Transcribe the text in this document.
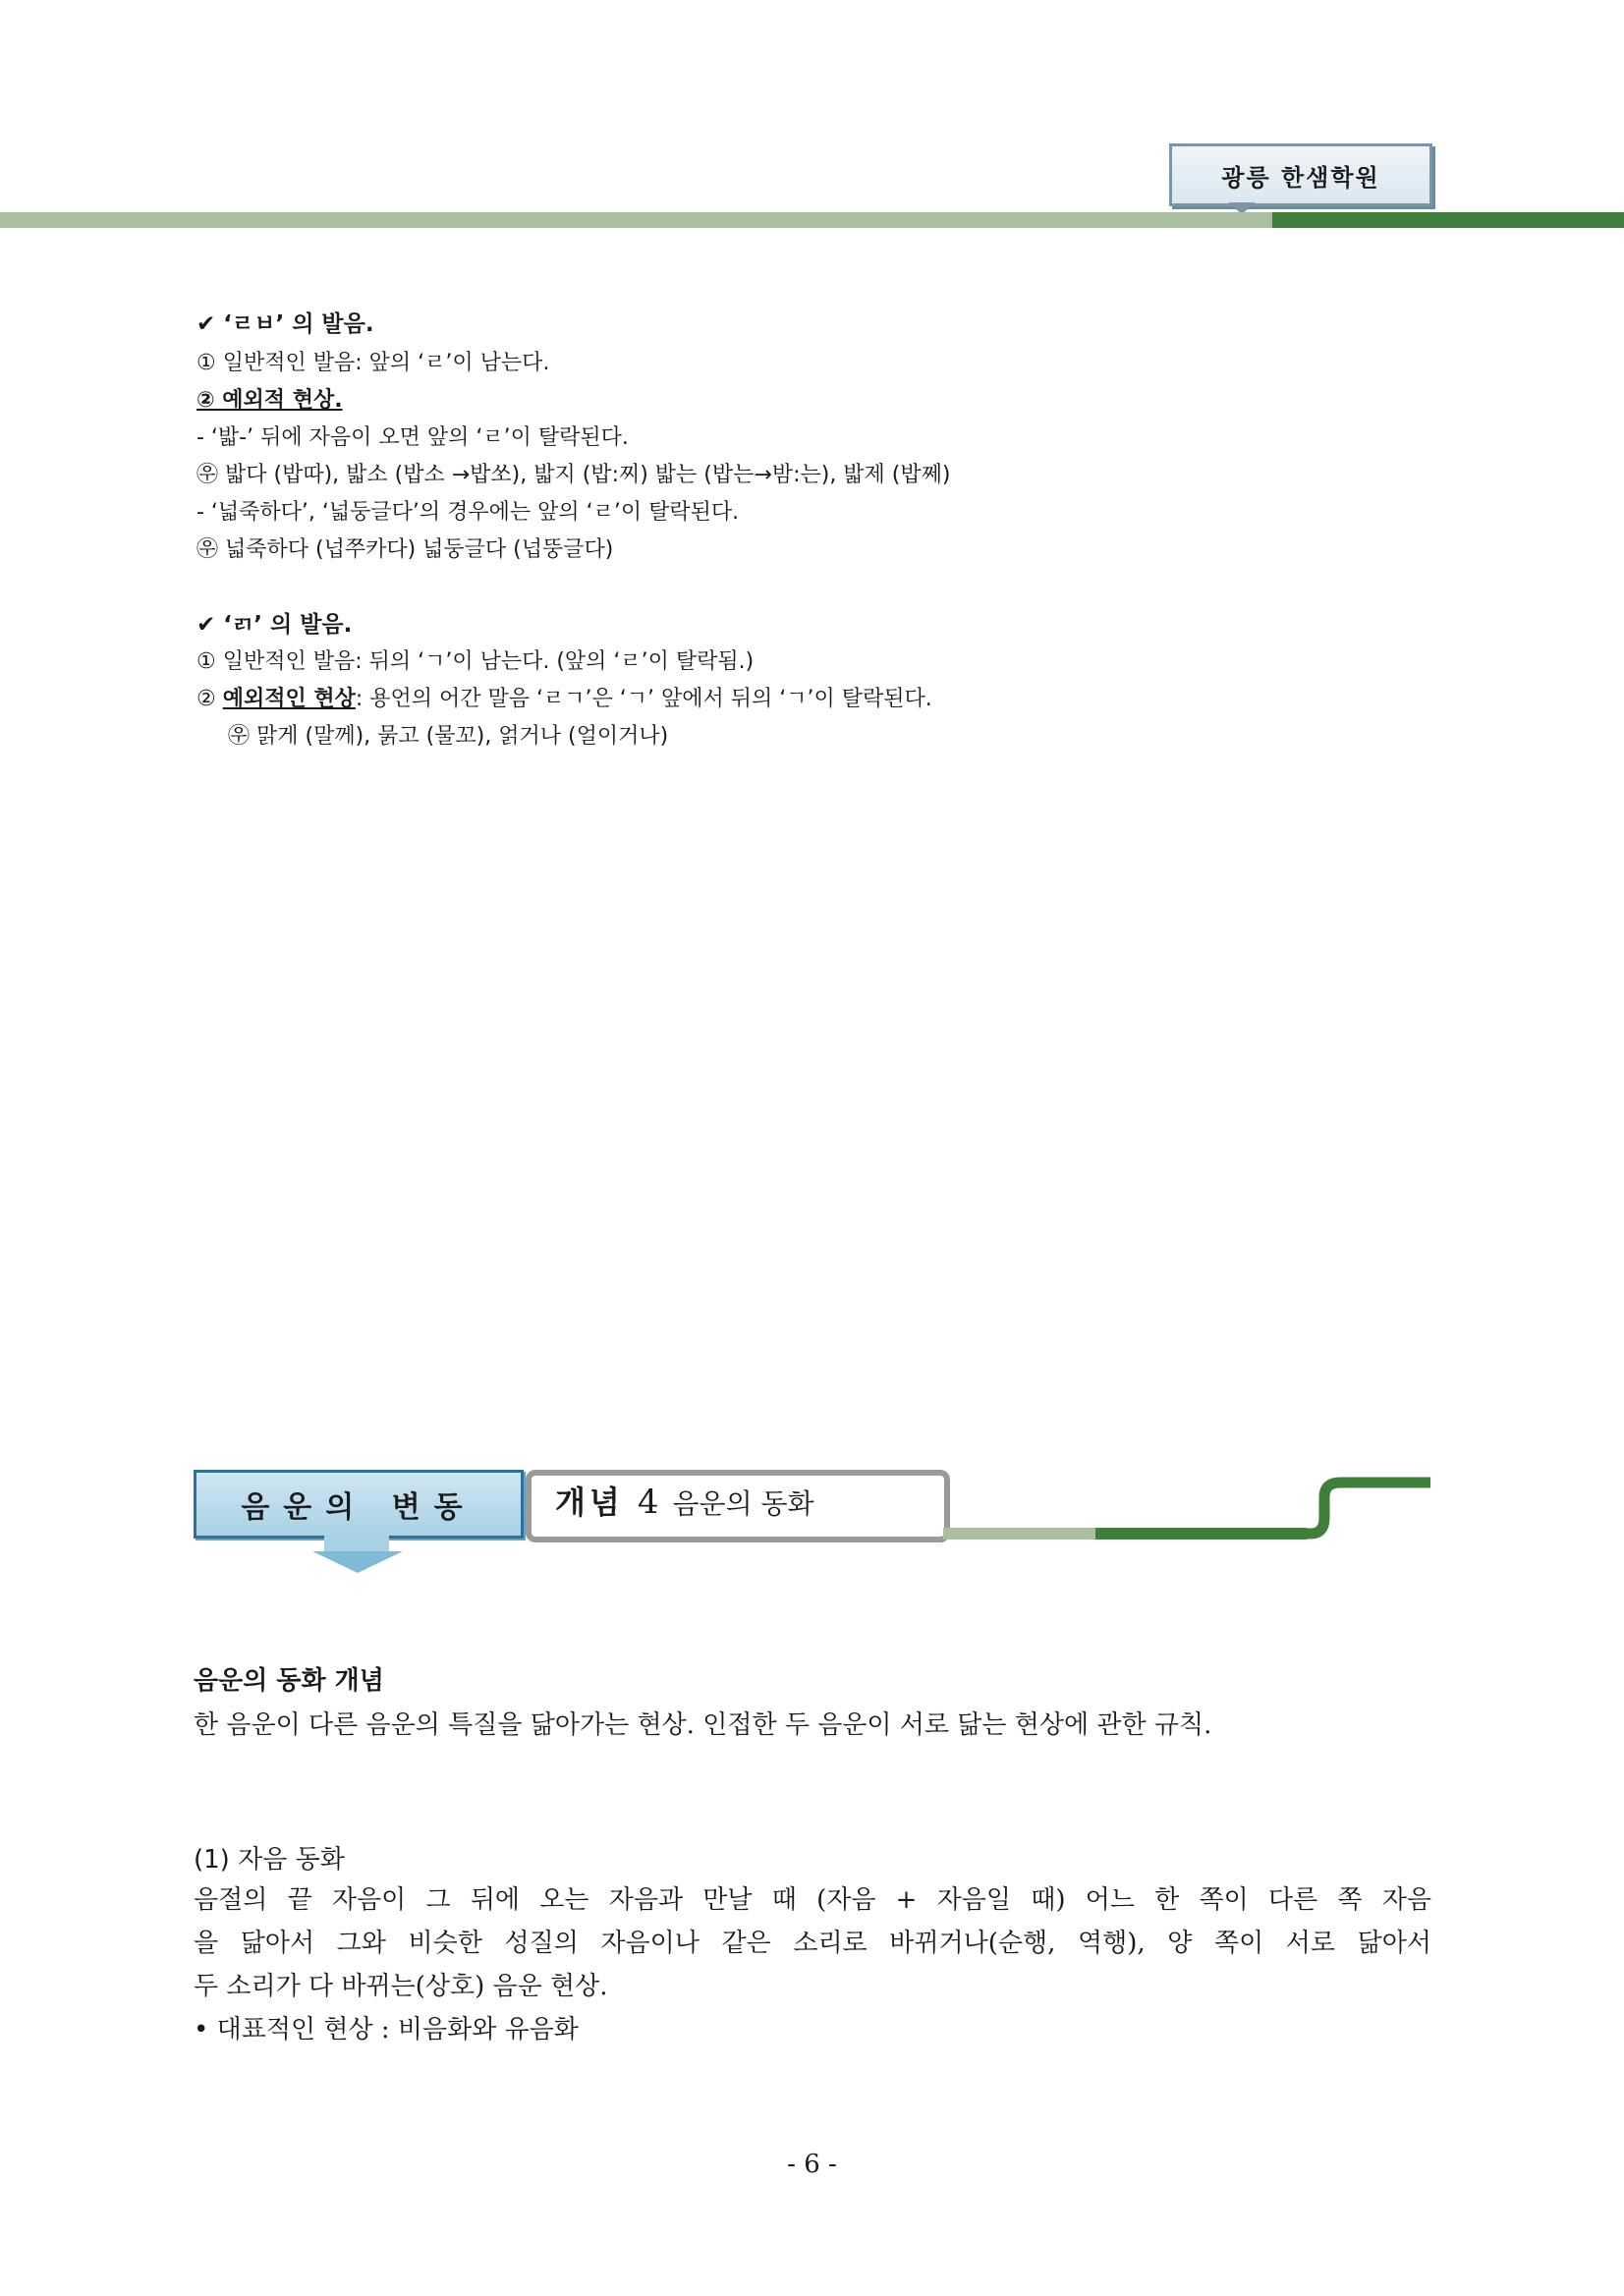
광릉 한샘학원
✔ ‘ㄹㅂ’ 의 발음.
① 일반적인 발음: 앞의 ‘ㄹ’이 남는다.
② 예외적 현상.
- ‘밟-’ 뒤에 자음이 오면 앞의 ‘ㄹ’이 탈락된다.
㉾ 밟다 (밥따), 밟소 (밥소 →밥쏘), 밟지 (밥:찌) 밟는 (밥는→밤:는), 밟제 (밥쩨)
- ‘넓죽하다’, ‘넓둥글다’의 경우에는 앞의 ‘ㄹ’이 탈락된다.
㉾ 넓죽하다 (넙쭈카다) 넓둥글다 (넙뚱글다)
✔ ‘ㄺ’ 의 발음.
① 일반적인 발음: 뒤의 ‘ㄱ’이 남는다. (앞의 ‘ㄹ’이 탈락됨.)
② 예외적인 현상: 용언의 어간 말음 ‘ㄹㄱ’은 ‘ㄱ’ 앞에서 뒤의 ‘ㄱ’이 탈락된다.
㉾ 맑게 (말께), 묽고 (물꼬), 얽거나 (얼이거나)
음운의 변동	개념 4 음운의 동화
음운의 동화 개념
한 음운이 다른 음운의 특질을 닮아가는 현상. 인접한 두 음운이 서로 닮는 현상에 관한 규칙.
(1) 자음 동화
음절의 끝 자음이 그 뒤에 오는 자음과 만날 때 (자음 + 자음일 때) 어느 한 쪽이 다른 쪽 자음
을 닮아서 그와 비슷한 성질의 자음이나 같은 소리로 바뀌거나(순행, 역행), 양 쪽이 서로 닮아서
두 소리가 다 바뀌는(상호) 음운 현상.
• 대표적인 현상 : 비음화와 유음화
- 6 -
